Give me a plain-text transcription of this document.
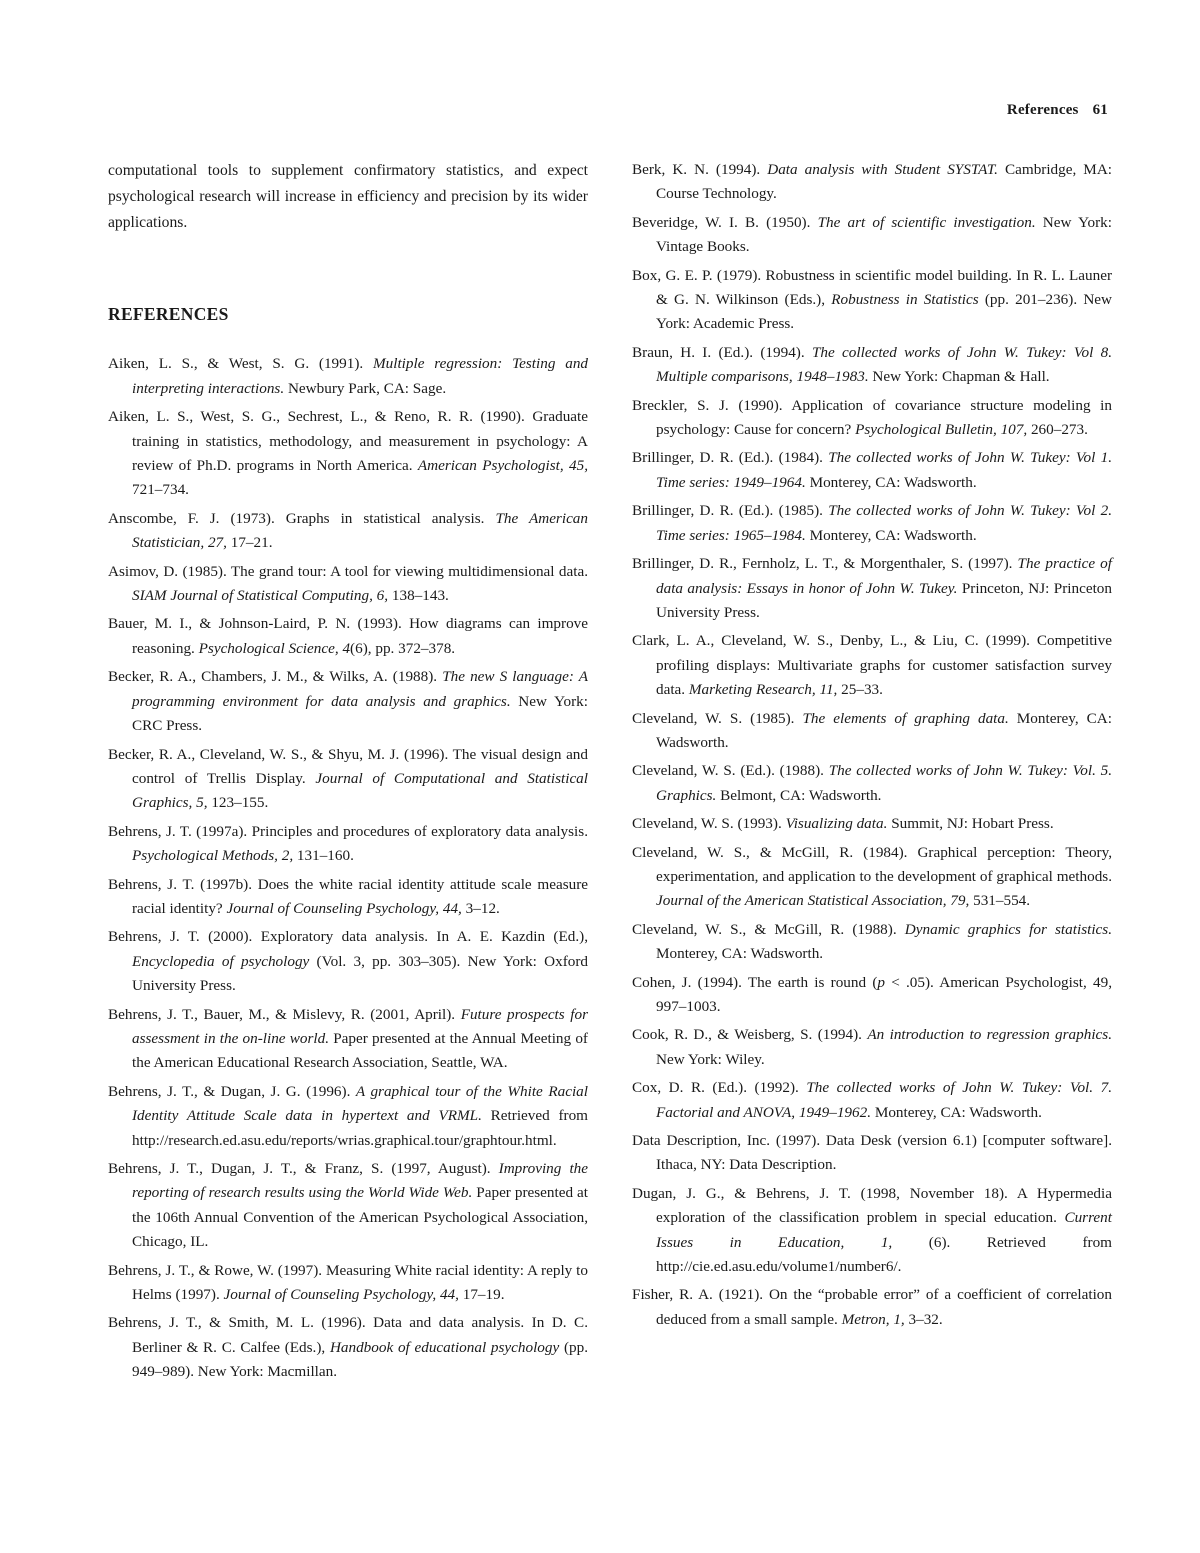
References 61

computational tools to supplement confirmatory statistics, and expect psychological research will increase in efficiency and precision by its wider applications.

REFERENCES

Aiken, L. S., & West, S. G. (1991). Multiple regression: Testing and interpreting interactions. Newbury Park, CA: Sage.

Aiken, L. S., West, S. G., Sechrest, L., & Reno, R. R. (1990). Graduate training in statistics, methodology, and measurement in psychology: A review of Ph.D. programs in North America. American Psychologist, 45, 721–734.

Anscombe, F. J. (1973). Graphs in statistical analysis. The American Statistician, 27, 17–21.

Asimov, D. (1985). The grand tour: A tool for viewing multidimensional data. SIAM Journal of Statistical Computing, 6, 138–143.

Bauer, M. I., & Johnson-Laird, P. N. (1993). How diagrams can improve reasoning. Psychological Science, 4(6), pp. 372–378.

Becker, R. A., Chambers, J. M., & Wilks, A. (1988). The new S language: A programming environment for data analysis and graphics. New York: CRC Press.

Becker, R. A., Cleveland, W. S., & Shyu, M. J. (1996). The visual design and control of Trellis Display. Journal of Computational and Statistical Graphics, 5, 123–155.

Behrens, J. T. (1997a). Principles and procedures of exploratory data analysis. Psychological Methods, 2, 131–160.

Behrens, J. T. (1997b). Does the white racial identity attitude scale measure racial identity? Journal of Counseling Psychology, 44, 3–12.

Behrens, J. T. (2000). Exploratory data analysis. In A. E. Kazdin (Ed.), Encyclopedia of psychology (Vol. 3, pp. 303–305). New York: Oxford University Press.

Behrens, J. T., Bauer, M., & Mislevy, R. (2001, April). Future prospects for assessment in the on-line world. Paper presented at the Annual Meeting of the American Educational Research Association, Seattle, WA.

Behrens, J. T., & Dugan, J. G. (1996). A graphical tour of the White Racial Identity Attitude Scale data in hypertext and VRML. Retrieved from http://research.ed.asu.edu/reports/wrias.graphical.tour/graphtour.html.

Behrens, J. T., Dugan, J. T., & Franz, S. (1997, August). Improving the reporting of research results using the World Wide Web. Paper presented at the 106th Annual Convention of the American Psychological Association, Chicago, IL.

Behrens, J. T., & Rowe, W. (1997). Measuring White racial identity: A reply to Helms (1997). Journal of Counseling Psychology, 44, 17–19.

Behrens, J. T., & Smith, M. L. (1996). Data and data analysis. In D. C. Berliner & R. C. Calfee (Eds.), Handbook of educational psychology (pp. 949–989). New York: Macmillan.

Berk, K. N. (1994). Data analysis with Student SYSTAT. Cambridge, MA: Course Technology.

Beveridge, W. I. B. (1950). The art of scientific investigation. New York: Vintage Books.

Box, G. E. P. (1979). Robustness in scientific model building. In R. L. Launer & G. N. Wilkinson (Eds.), Robustness in Statistics (pp. 201–236). New York: Academic Press.

Braun, H. I. (Ed.). (1994). The collected works of John W. Tukey: Vol 8. Multiple comparisons, 1948–1983. New York: Chapman & Hall.

Breckler, S. J. (1990). Application of covariance structure modeling in psychology: Cause for concern? Psychological Bulletin, 107, 260–273.

Brillinger, D. R. (Ed.). (1984). The collected works of John W. Tukey: Vol 1. Time series: 1949–1964. Monterey, CA: Wadsworth.

Brillinger, D. R. (Ed.). (1985). The collected works of John W. Tukey: Vol 2. Time series: 1965–1984. Monterey, CA: Wadsworth.

Brillinger, D. R., Fernholz, L. T., & Morgenthaler, S. (1997). The practice of data analysis: Essays in honor of John W. Tukey. Princeton, NJ: Princeton University Press.

Clark, L. A., Cleveland, W. S., Denby, L., & Liu, C. (1999). Competitive profiling displays: Multivariate graphs for customer satisfaction survey data. Marketing Research, 11, 25–33.

Cleveland, W. S. (1985). The elements of graphing data. Monterey, CA: Wadsworth.

Cleveland, W. S. (Ed.). (1988). The collected works of John W. Tukey: Vol. 5. Graphics. Belmont, CA: Wadsworth.

Cleveland, W. S. (1993). Visualizing data. Summit, NJ: Hobart Press.

Cleveland, W. S., & McGill, R. (1984). Graphical perception: Theory, experimentation, and application to the development of graphical methods. Journal of the American Statistical Association, 79, 531–554.

Cleveland, W. S., & McGill, R. (1988). Dynamic graphics for statistics. Monterey, CA: Wadsworth.

Cohen, J. (1994). The earth is round (p < .05). American Psychologist, 49, 997–1003.

Cook, R. D., & Weisberg, S. (1994). An introduction to regression graphics. New York: Wiley.

Cox, D. R. (Ed.). (1992). The collected works of John W. Tukey: Vol. 7. Factorial and ANOVA, 1949–1962. Monterey, CA: Wadsworth.

Data Description, Inc. (1997). Data Desk (version 6.1) [computer software]. Ithaca, NY: Data Description.

Dugan, J. G., & Behrens, J. T. (1998, November 18). A Hypermedia exploration of the classification problem in special education. Current Issues in Education, 1, (6). Retrieved from http://cie.ed.asu.edu/volume1/number6/.

Fisher, R. A. (1921). On the “probable error” of a coefficient of correlation deduced from a small sample. Metron, 1, 3–32.
